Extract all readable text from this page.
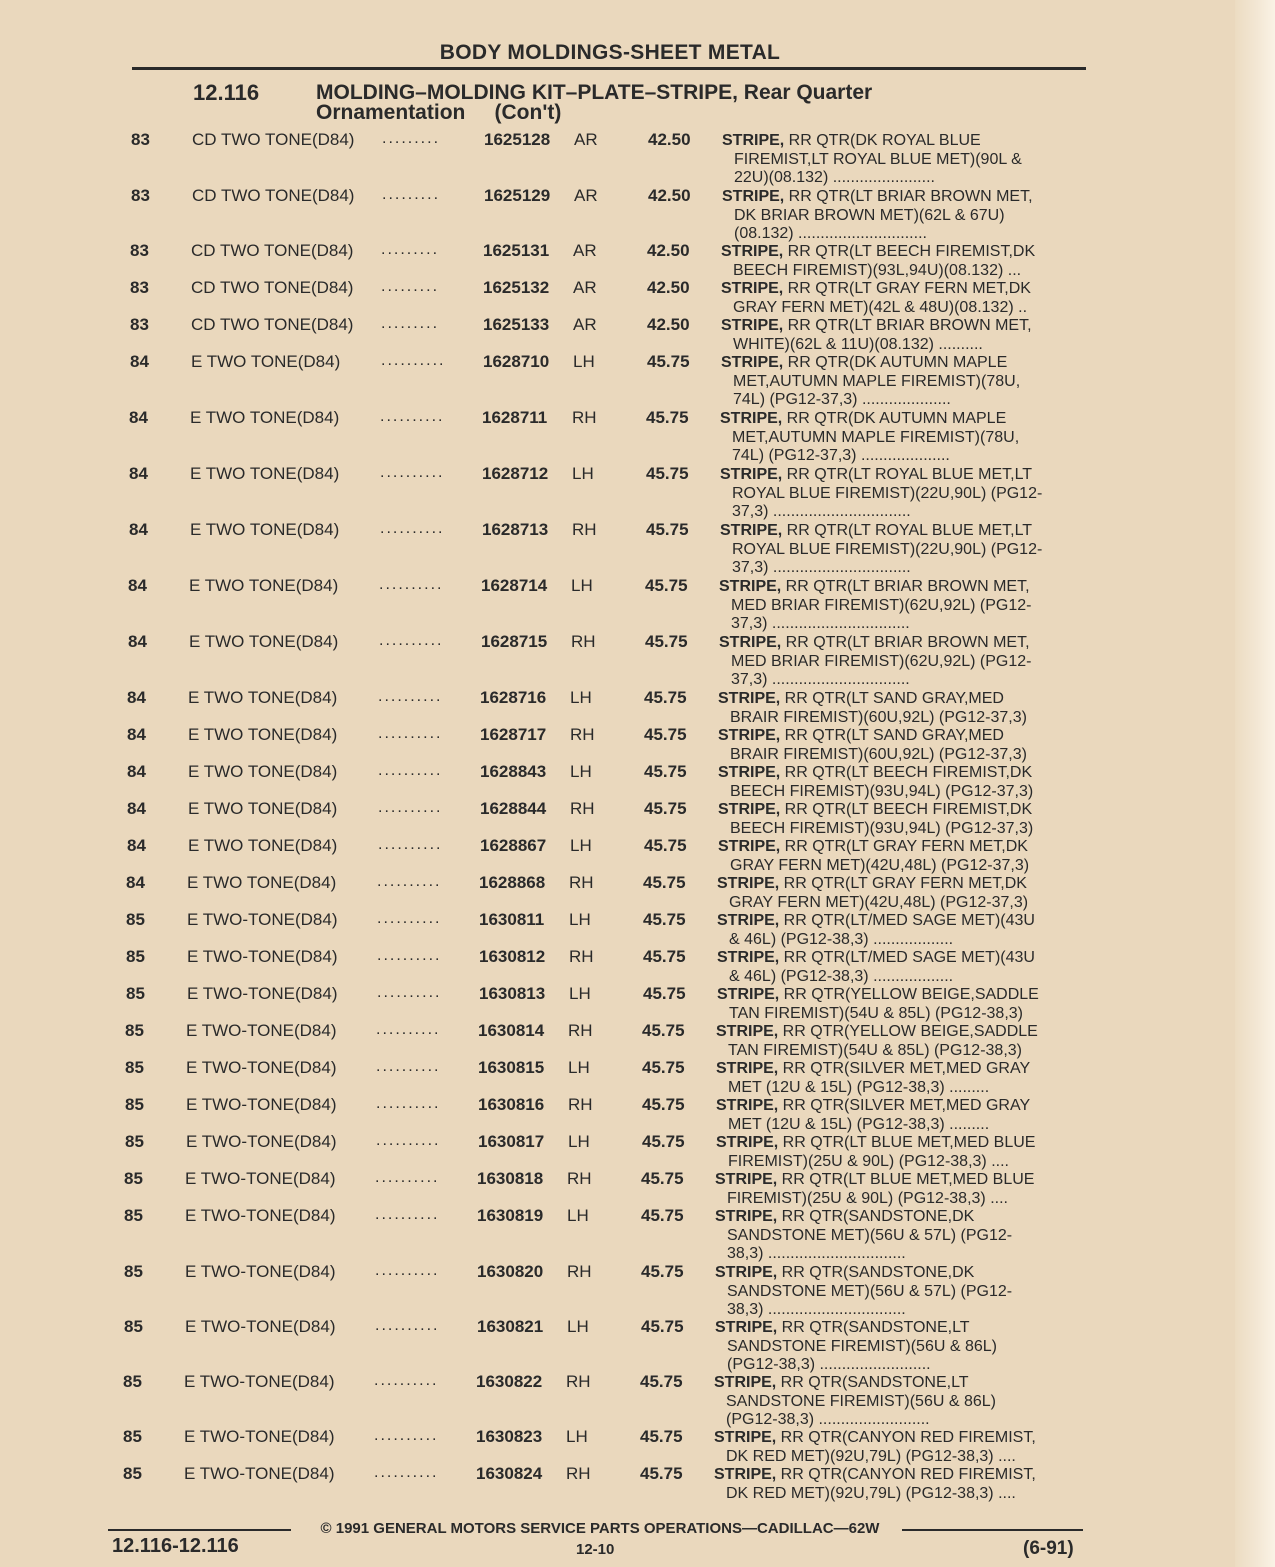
BODY MOLDINGS-SHEET METAL
12.116	MOLDING–MOLDING KIT–PLATE–STRIPE, Rear Quarter
Ornamentation     (Con't)
83 CD TWO TONE(D84) .........	1625128 AR	42.50 STRIPE, RR QTR(DK ROYAL BLUE
FIREMIST,LT ROYAL BLUE MET)(90L &
22U)(08.132) .......................
83 CD TWO TONE(D84) .........	1625129 AR	42.50 STRIPE, RR QTR(LT BRIAR BROWN MET,
DK BRIAR BROWN MET)(62L & 67U)
(08.132) .............................
83 CD TWO TONE(D84) .........	1625131 AR	42.50 STRIPE, RR QTR(LT BEECH FIREMIST,DK
BEECH FIREMIST)(93L,94U)(08.132) ...
83 CD TWO TONE(D84) .........	1625132 AR	42.50 STRIPE, RR QTR(LT GRAY FERN MET,DK
GRAY FERN MET)(42L & 48U)(08.132) ..
83 CD TWO TONE(D84) .........	1625133 AR	42.50 STRIPE, RR QTR(LT BRIAR BROWN MET,
WHITE)(62L & 11U)(08.132) ..........
84 E TWO TONE(D84)	.......... 1628710 LH	45.75 STRIPE, RR QTR(DK AUTUMN MAPLE
MET,AUTUMN MAPLE FIREMIST)(78U,
74L) (PG12-37,3) ....................
84 E TWO TONE(D84)	.......... 1628711 RH	45.75 STRIPE, RR QTR(DK AUTUMN MAPLE
MET,AUTUMN MAPLE FIREMIST)(78U,
74L) (PG12-37,3) ....................
84 E TWO TONE(D84)	.......... 1628712 LH	45.75 STRIPE, RR QTR(LT ROYAL BLUE MET,LT
ROYAL BLUE FIREMIST)(22U,90L) (PG12-
37,3) ...............................
84 E TWO TONE(D84)	.......... 1628713 RH	45.75 STRIPE, RR QTR(LT ROYAL BLUE MET,LT
ROYAL BLUE FIREMIST)(22U,90L) (PG12-
37,3) ...............................
84 E TWO TONE(D84)	.......... 1628714 LH	45.75 STRIPE, RR QTR(LT BRIAR BROWN MET,
MED BRIAR FIREMIST)(62U,92L) (PG12-
37,3) ...............................
84 E TWO TONE(D84)	.......... 1628715 RH	45.75 STRIPE, RR QTR(LT BRIAR BROWN MET,
MED BRIAR FIREMIST)(62U,92L) (PG12-
37,3) ...............................
84 E TWO TONE(D84)	.......... 1628716 LH	45.75 STRIPE, RR QTR(LT SAND GRAY,MED
BRAIR FIREMIST)(60U,92L) (PG12-37,3)
84 E TWO TONE(D84)	.......... 1628717 RH	45.75 STRIPE, RR QTR(LT SAND GRAY,MED
BRAIR FIREMIST)(60U,92L) (PG12-37,3)
84 E TWO TONE(D84)	.......... 1628843 LH	45.75 STRIPE, RR QTR(LT BEECH FIREMIST,DK
BEECH FIREMIST)(93U,94L) (PG12-37,3)
84 E TWO TONE(D84)	.......... 1628844 RH	45.75 STRIPE, RR QTR(LT BEECH FIREMIST,DK
BEECH FIREMIST)(93U,94L) (PG12-37,3)
84 E TWO TONE(D84)	.......... 1628867 LH	45.75 STRIPE, RR QTR(LT GRAY FERN MET,DK
GRAY FERN MET)(42U,48L) (PG12-37,3)
84 E TWO TONE(D84)	.......... 1628868 RH	45.75 STRIPE, RR QTR(LT GRAY FERN MET,DK
GRAY FERN MET)(42U,48L) (PG12-37,3)
85 E TWO-TONE(D84) .......... 1630811 LH	45.75 STRIPE, RR QTR(LT/MED SAGE MET)(43U
& 46L) (PG12-38,3) ..................
85 E TWO-TONE(D84) .......... 1630812 RH	45.75 STRIPE, RR QTR(LT/MED SAGE MET)(43U
& 46L) (PG12-38,3) ..................
85 E TWO-TONE(D84) .......... 1630813 LH	45.75 STRIPE, RR QTR(YELLOW BEIGE,SADDLE
TAN FIREMIST)(54U & 85L) (PG12-38,3)
85 E TWO-TONE(D84) .......... 1630814 RH	45.75 STRIPE, RR QTR(YELLOW BEIGE,SADDLE
TAN FIREMIST)(54U & 85L) (PG12-38,3)
85 E TWO-TONE(D84) .......... 1630815 LH	45.75 STRIPE, RR QTR(SILVER MET,MED GRAY
MET (12U & 15L) (PG12-38,3) .........
85 E TWO-TONE(D84) .......... 1630816 RH	45.75 STRIPE, RR QTR(SILVER MET,MED GRAY
MET (12U & 15L) (PG12-38,3) .........
85 E TWO-TONE(D84) .......... 1630817 LH	45.75 STRIPE, RR QTR(LT BLUE MET,MED BLUE
FIREMIST)(25U & 90L) (PG12-38,3) ....
85 E TWO-TONE(D84) .......... 1630818 RH	45.75 STRIPE, RR QTR(LT BLUE MET,MED BLUE
FIREMIST)(25U & 90L) (PG12-38,3) ....
85 E TWO-TONE(D84) .......... 1630819 LH	45.75 STRIPE, RR QTR(SANDSTONE,DK
SANDSTONE MET)(56U & 57L) (PG12-
38,3) ...............................
85 E TWO-TONE(D84) .......... 1630820 RH	45.75 STRIPE, RR QTR(SANDSTONE,DK
SANDSTONE MET)(56U & 57L) (PG12-
38,3) ...............................
85 E TWO-TONE(D84) .......... 1630821 LH	45.75 STRIPE, RR QTR(SANDSTONE,LT
SANDSTONE FIREMIST)(56U & 86L)
(PG12-38,3) .........................
85 E TWO-TONE(D84) .......... 1630822 RH	45.75 STRIPE, RR QTR(SANDSTONE,LT
SANDSTONE FIREMIST)(56U & 86L)
(PG12-38,3) .........................
85 E TWO-TONE(D84) .......... 1630823 LH	45.75 STRIPE, RR QTR(CANYON RED FIREMIST,
DK RED MET)(92U,79L) (PG12-38,3) ....
85 E TWO-TONE(D84) .......... 1630824 RH	45.75 STRIPE, RR QTR(CANYON RED FIREMIST,
DK RED MET)(92U,79L) (PG12-38,3) ....
© 1991 GENERAL MOTORS SERVICE PARTS OPERATIONS—CADILLAC—62W
12.116-12.116	12-10	(6-91)
